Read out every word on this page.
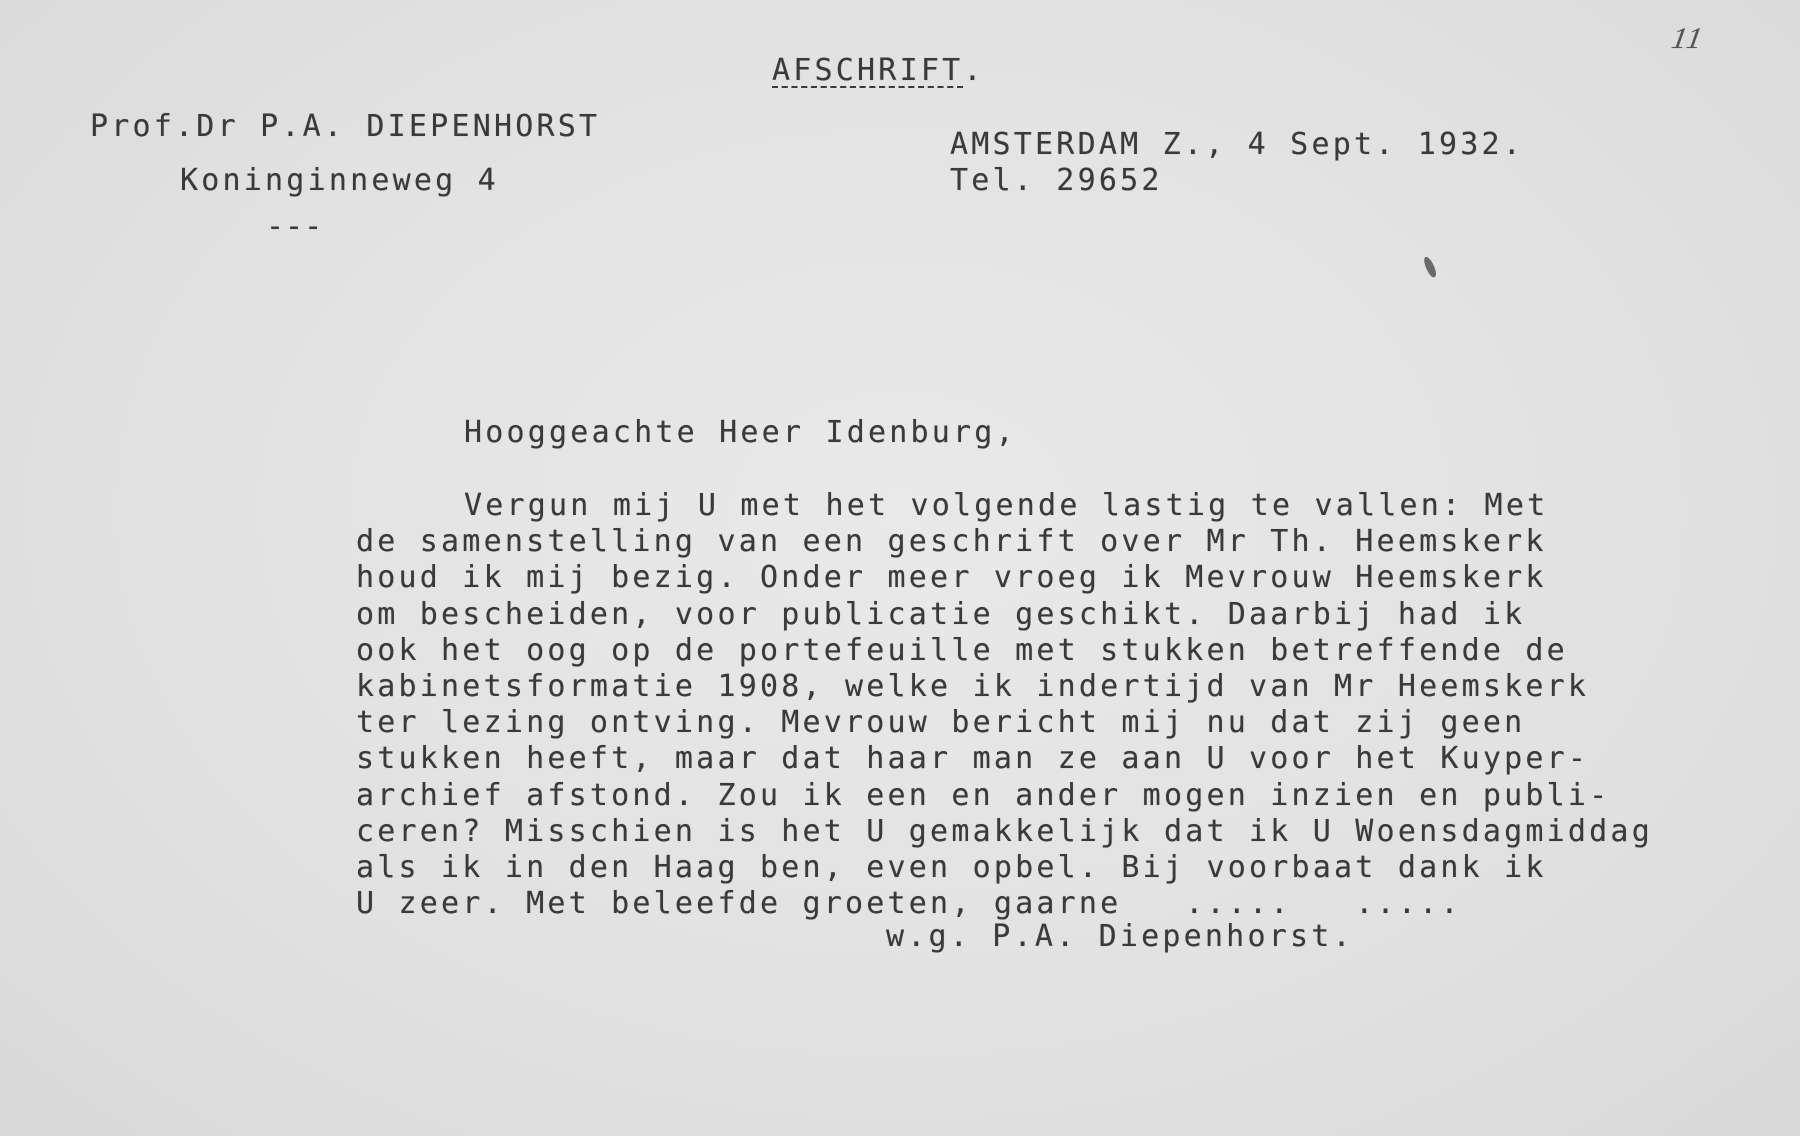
AFSCHRIFT.
11
Prof.Dr P.A. DIEPENHORST
Koninginneweg 4
---
AMSTERDAM Z., 4 Sept. 1932.
Tel. 29652
Hooggeachte Heer Idenburg,
Vergun mij U met het volgende lastig te vallen: Met
de samenstelling van een geschrift over Mr Th. Heemskerk
houd ik mij bezig. Onder meer vroeg ik Mevrouw Heemskerk
om bescheiden, voor publicatie geschikt. Daarbij had ik
ook het oog op de portefeuille met stukken betreffende de
kabinetsformatie 1908, welke ik indertijd van Mr Heemskerk
ter lezing ontving. Mevrouw bericht mij nu dat zij geen
stukken heeft, maar dat haar man ze aan U voor het Kuyper-
archief afstond. Zou ik een en ander mogen inzien en publi-
ceren? Misschien is het U gemakkelijk dat ik U Woensdagmiddag
als ik in den Haag ben, even opbel. Bij voorbaat dank ik
U zeer. Met beleefde groeten, gaarne   .....   .....
w.g. P.A. Diepenhorst.
